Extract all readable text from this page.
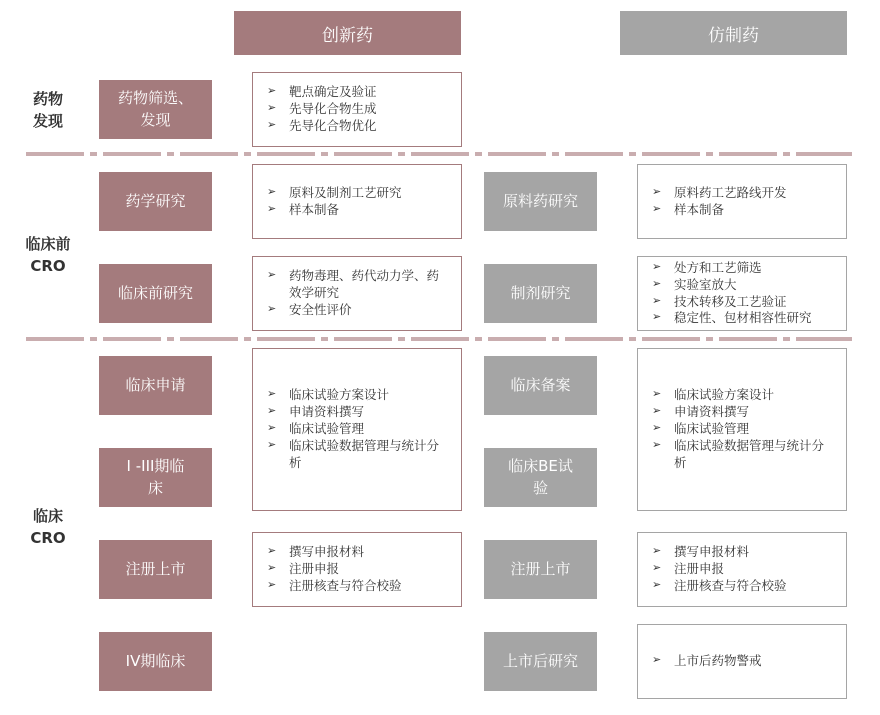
创新药	仿制药
药物
发现
临床前
CRO
临床
CRO
药物筛选、
发现
药学研究
临床前研究
临床申请
I -III期临
床
注册上市
IV期临床
➢ 靶点确定及验证
➢ 先导化合物生成
➢ 先导化合物优化
➢ 原料及制剂工艺研究
➢ 样本制备
➢ 药物毒理、药代动力学、药效学研究
➢ 安全性评价
➢ 临床试验方案设计
➢ 申请资料撰写
➢ 临床试验管理
➢ 临床试验数据管理与统计分析
➢ 撰写申报材料
➢ 注册申报
➢ 注册核查与符合校验
原料药研究
制剂研究
临床备案
临床BE试
验
注册上市
上市后研究
➢ 原料药工艺路线开发
➢ 样本制备
➢ 处方和工艺筛选
➢ 实验室放大
➢ 技术转移及工艺验证
➢ 稳定性、包材相容性研究
➢ 临床试验方案设计
➢ 申请资料撰写
➢ 临床试验管理
➢ 临床试验数据管理与统计分析
➢ 撰写申报材料
➢ 注册申报
➢ 注册核查与符合校验
➢ 上市后药物警戒
